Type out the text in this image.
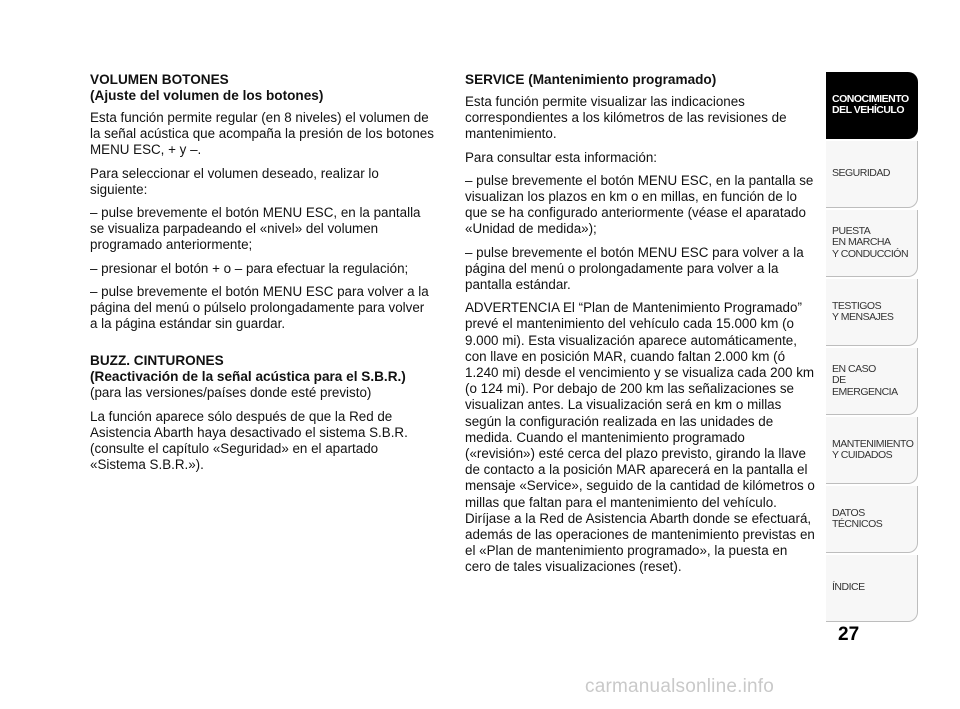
VOLUMEN BOTONES
(Ajuste del volumen de los botones)

Esta función permite regular (en 8 niveles) el volumen de la señal acústica que acompaña la presión de los botones MENU ESC, + y –.

Para seleccionar el volumen deseado, realizar lo siguiente:

– pulse brevemente el botón MENU ESC, en la pantalla se visualiza parpadeando el «nivel» del volumen programado anteriormente;

– presionar el botón + o – para efectuar la regulación;

– pulse brevemente el botón MENU ESC para volver a la página del menú o púlselo prolongadamente para volver a la página estándar sin guardar.

BUZZ. CINTURONES
(Reactivación de la señal acústica para el S.B.R.)

(para las versiones/países donde esté previsto)

La función aparece sólo después de que la Red de Asistencia Abarth haya desactivado el sistema S.B.R. (consulte el capítulo «Seguridad» en el apartado «Sistema S.B.R.»).

SERVICE (Mantenimiento programado)

Esta función permite visualizar las indicaciones correspondientes a los kilómetros de las revisiones de mantenimiento.

Para consultar esta información:

– pulse brevemente el botón MENU ESC, en la pantalla se visualizan los plazos en km o en millas, en función de lo que se ha configurado anteriormente (véase el aparatado «Unidad de medida»);

– pulse brevemente el botón MENU ESC para volver a la página del menú o prolongadamente para volver a la pantalla estándar.

ADVERTENCIA El “Plan de Mantenimiento Programado” prevé el mantenimiento del vehículo cada 15.000 km (o 9.000 mi). Esta visualización aparece automáticamente, con llave en posición MAR, cuando faltan 2.000 km (ó 1.240 mi) desde el vencimiento y se visualiza cada 200 km (o 124 mi). Por debajo de 200 km las señalizaciones se visualizan antes. La visualización será en km o millas según la configuración realizada en las unidades de medida. Cuando el mantenimiento programado («revisión») esté cerca del plazo previsto, girando la llave de contacto a la posición MAR aparecerá en la pantalla el mensaje «Service», seguido de la cantidad de kilómetros o millas que faltan para el mantenimiento del vehículo. Diríjase a la Red de Asistencia Abarth donde se efectuará, además de las operaciones de mantenimiento previstas en el «Plan de mantenimiento programado», la puesta en cero de tales visualizaciones (reset).

CONOCIMIENTO
DEL VEHÍCULO
SEGURIDAD
PUESTA
EN MARCHA
Y CONDUCCIÓN
TESTIGOS
Y MENSAJES
EN CASO
DE EMERGENCIA
MANTENIMIENTO
Y CUIDADOS
DATOS TÉCNICOS
ÍNDICE
27
carmanualsonline.info
